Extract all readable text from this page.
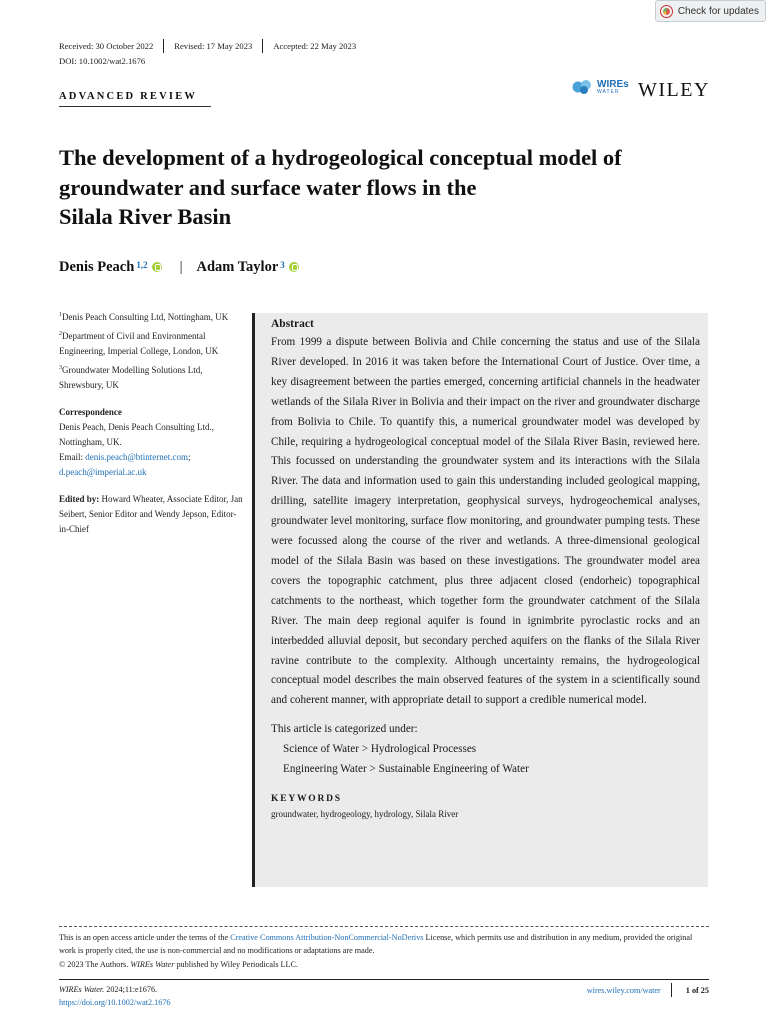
Check for updates
Received: 30 October 2022	Revised: 17 May 2023	Accepted: 22 May 2023
DOI: 10.1002/wat2.1676
ADVANCED REVIEW
WIREs
WATER WILEY
The development of a hydrogeological conceptual model of
groundwater and surface water flows in the
Silala River Basin
Denis Peach$^{1,2}$ | Adam Taylor$^3$
$^1$Denis Peach Consulting Ltd, Nottingham, UK
$^2$Department of Civil and Environmental Engineering, Imperial College, London, UK
$^3$Groundwater Modelling Solutions Ltd, Shrewsbury, UK
Correspondence
Denis Peach, Denis Peach Consulting Ltd., Nottingham, UK.
Email: denis.peach@btinternet.com;
d.peach@imperial.ac.uk
Edited by: Howard Wheater, Associate Editor, Jan Seibert, Senior Editor and Wendy Jepson, Editor-in-Chief
Abstract

From 1999 a dispute between Bolivia and Chile concerning the status and use of the Silala River developed. In 2016 it was taken before the International Court of Justice. Over time, a key disagreement between the parties emerged, concerning artificial channels in the headwater wetlands of the Silala River in Bolivia and their impact on the river and groundwater discharge from Bolivia to Chile. To quantify this, a numerical groundwater model was developed by Chile, requiring a hydrogeological conceptual model of the Silala River Basin, reviewed here. This focussed on understanding the groundwater system and its interactions with the Silala River. The data and information used to gain this understanding included geological mapping, drilling, satellite imagery interpretation, geophysical surveys, hydrogeochemical analyses, groundwater level monitoring, surface flow monitoring, and groundwater pumping tests. These were focussed along the course of the river and wetlands. A three-dimensional geological model of the Silala Basin was based on these investigations. The groundwater model area covers the topographic catchment, plus three adjacent closed (endorheic) topographical catchments to the northeast, which together form the groundwater catchment of the Silala River. The main deep regional aquifer is found in ignimbrite pyroclastic rocks and an interbedded alluvial deposit, but secondary perched aquifers on the flanks of the Silala River ravine contribute to the complexity. Although uncertainty remains, the hydrogeological conceptual model describes the main observed features of the system in a scientifically sound and coherent manner, with appropriate detail to support a credible numerical model.

This article is categorized under:
Science of Water > Hydrological Processes
Engineering Water > Sustainable Engineering of Water
KEYWORDS
groundwater, hydrogeology, hydrology, Silala River
This is an open access article under the terms of the Creative Commons Attribution-NonCommercial-NoDerivs License, which permits use and distribution in any medium, provided the original work is properly cited, the use is non-commercial and no modifications or adaptations are made.
© 2023 The Authors. WIREs Water published by Wiley Periodicals LLC.
WIREs Water. 2024;11:e1676.
https://doi.org/10.1002/wat2.1676
wires.wiley.com/water	1 of 25
